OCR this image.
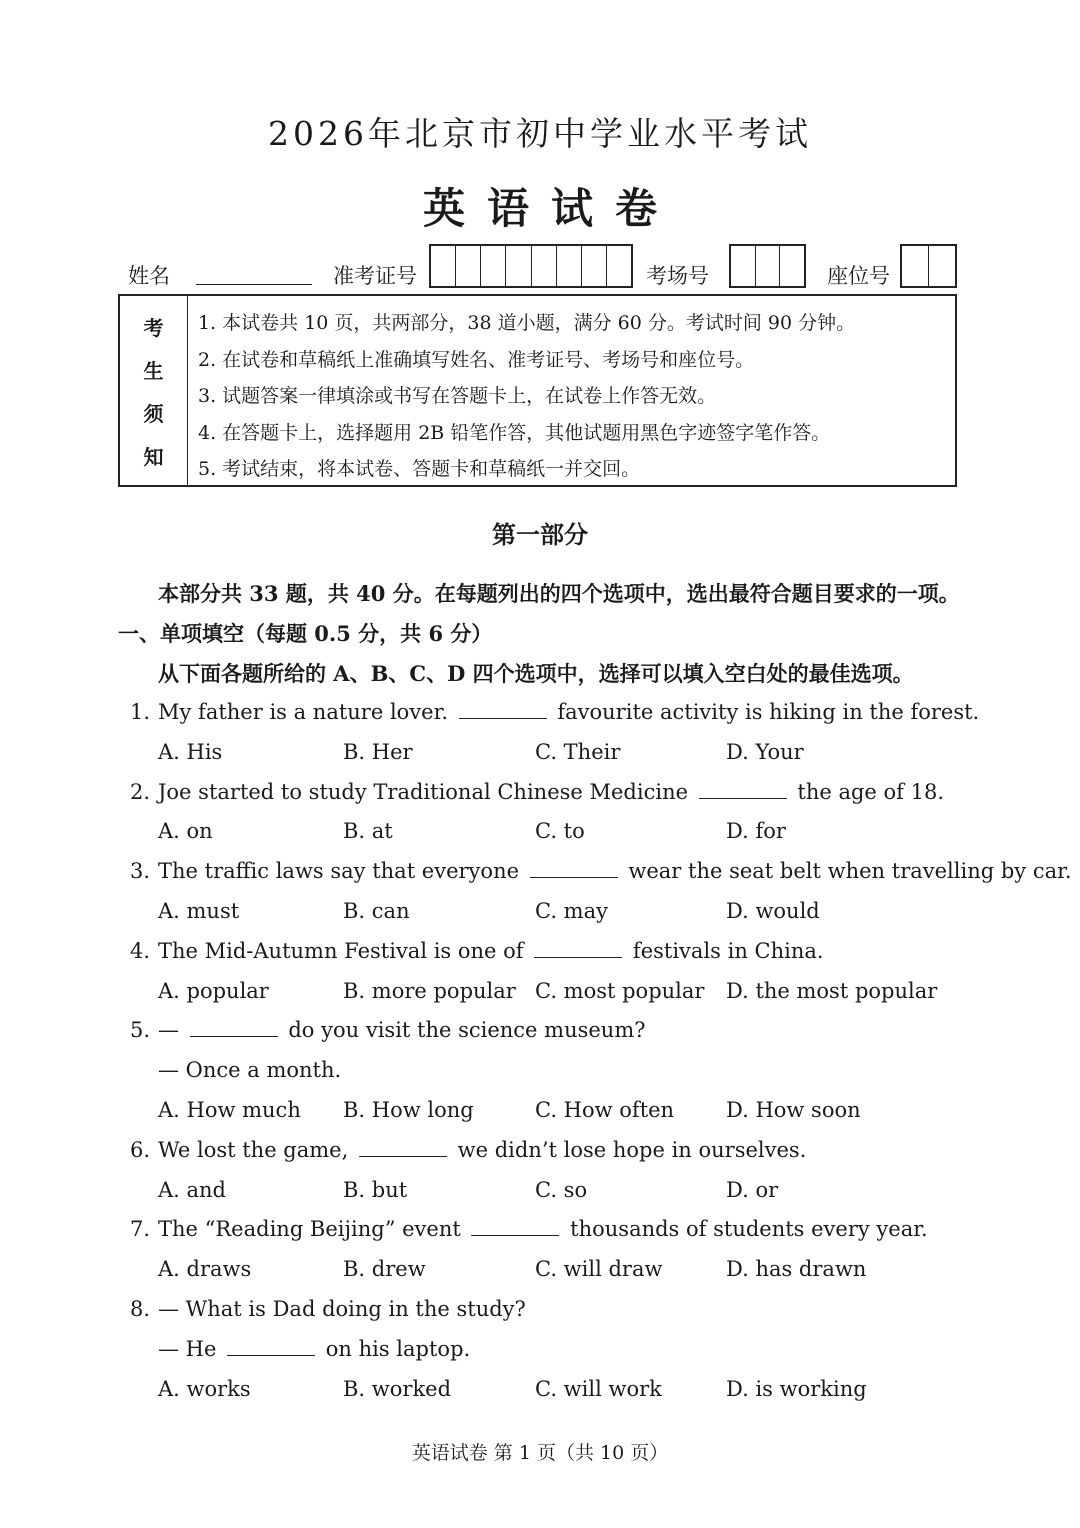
2026年北京市初中学业水平考试
英语试卷
姓名	准考证号	考场号	座位号
考
生
须
知
1. 本试卷共 10 页，共两部分，38 道小题，满分 60 分。考试时间 90 分钟。
2. 在试卷和草稿纸上准确填写姓名、准考证号、考场号和座位号。
3. 试题答案一律填涂或书写在答题卡上，在试卷上作答无效。
4. 在答题卡上，选择题用 2B 铅笔作答，其他试题用黑色字迹签字笔作答。
5. 考试结束，将本试卷、答题卡和草稿纸一并交回。
第一部分
本部分共 33 题，共 40 分。在每题列出的四个选项中，选出最符合题目要求的一项。
一、单项填空（每题 0.5 分，共 6 分）
从下面各题所给的 A、B、C、D 四个选项中，选择可以填入空白处的最佳选项。
1. My father is a nature lover.	favourite activity is hiking in the forest.
A. His	B. Her	C. Their	D. Your
2. Joe started to study Traditional Chinese Medicine	the age of 18.
A. on	B. at	C. to	D. for
3. The traffic laws say that everyone	wear the seat belt when travelling by car.
A. must	B. can	C. may	D. would
4. The Mid-Autumn Festival is one of	festivals in China.
A. popular	B. more popular C. most popular D. the most popular
5. —	do you visit the science museum?
— Once a month.
A. How much B. How long	C. How often D. How soon
6. We lost the game,	we didn’t lose hope in ourselves.
A. and	B. but	C. so	D. or
7. The “Reading Beijing” event	thousands of students every year.
A. draws	B. drew	C. will draw	D. has drawn
8. — What is Dad doing in the study?
— He	on his laptop.
A. works	B. worked	C. will work	D. is working
英语试卷 第 1 页（共 10 页）
